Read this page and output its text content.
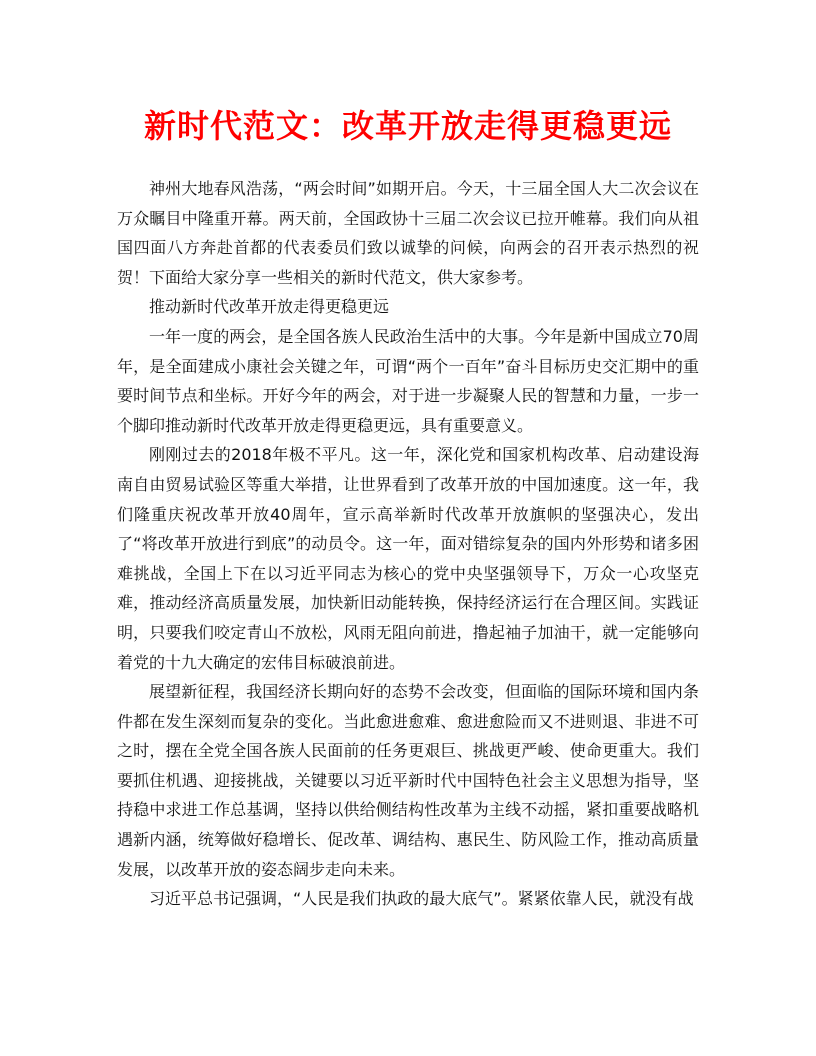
新时代范文：改革开放走得更稳更远

神州大地春风浩荡，“两会时间”如期开启。今天，十三届全国人大二次会议在万众瞩目中隆重开幕。两天前，全国政协十三届二次会议已拉开帷幕。我们向从祖国四面八方奔赴首都的代表委员们致以诚挚的问候，向两会的召开表示热烈的祝贺！下面给大家分享一些相关的新时代范文，供大家参考。

推动新时代改革开放走得更稳更远

一年一度的两会，是全国各族人民政治生活中的大事。今年是新中国成立70周年，是全面建成小康社会关键之年，可谓“两个一百年”奋斗目标历史交汇期中的重要时间节点和坐标。开好今年的两会，对于进一步凝聚人民的智慧和力量，一步一个脚印推动新时代改革开放走得更稳更远，具有重要意义。

刚刚过去的2018年极不平凡。这一年，深化党和国家机构改革、启动建设海南自由贸易试验区等重大举措，让世界看到了改革开放的中国加速度。这一年，我们隆重庆祝改革开放40周年，宣示高举新时代改革开放旗帜的坚强决心，发出了“将改革开放进行到底”的动员令。这一年，面对错综复杂的国内外形势和诸多困难挑战，全国上下在以习近平同志为核心的党中央坚强领导下，万众一心攻坚克难，推动经济高质量发展，加快新旧动能转换，保持经济运行在合理区间。实践证明，只要我们咬定青山不放松，风雨无阻向前进，撸起袖子加油干，就一定能够向着党的十九大确定的宏伟目标破浪前进。

展望新征程，我国经济长期向好的态势不会改变，但面临的国际环境和国内条件都在发生深刻而复杂的变化。当此愈进愈难、愈进愈险而又不进则退、非进不可之时，摆在全党全国各族人民面前的任务更艰巨、挑战更严峻、使命更重大。我们要抓住机遇、迎接挑战，关键要以习近平新时代中国特色社会主义思想为指导，坚持稳中求进工作总基调，坚持以供给侧结构性改革为主线不动摇，紧扣重要战略机遇新内涵，统筹做好稳增长、促改革、调结构、惠民生、防风险工作，推动高质量发展，以改革开放的姿态阔步走向未来。

习近平总书记强调，“人民是我们执政的最大底气”。紧紧依靠人民，就没有战
